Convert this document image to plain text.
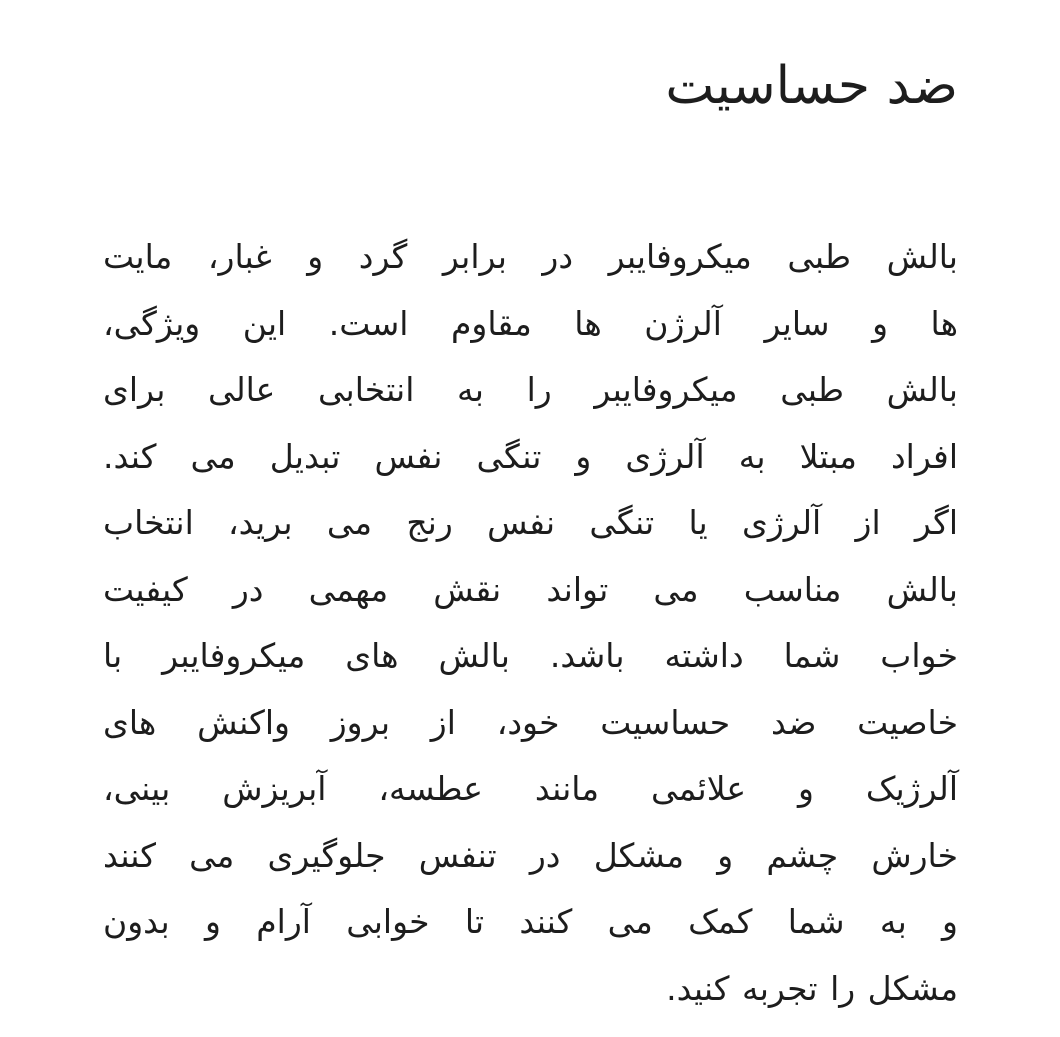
ضد حساسیت
بالش طبی میکروفایبر در برابر گرد و غبار، مایت
ها و سایر آلرژن ها مقاوم است. این ویژگی،
بالش طبی میکروفایبر را به انتخابی عالی برای
افراد مبتلا به آلرژی و تنگی نفس تبدیل می کند.
اگر از آلرژی یا تنگی نفس رنج می برید، انتخاب
بالش مناسب می تواند نقش مهمی در کیفیت
خواب شما داشته باشد. بالش های میکروفایبر با
خاصیت ضد حساسیت خود، از بروز واکنش های
آلرژیک و علائمی مانند عطسه، آبریزش بینی،
خارش چشم و مشکل در تنفس جلوگیری می کنند
و به شما کمک می کنند تا خوابی آرام و بدون
مشکل را تجربه کنید.
